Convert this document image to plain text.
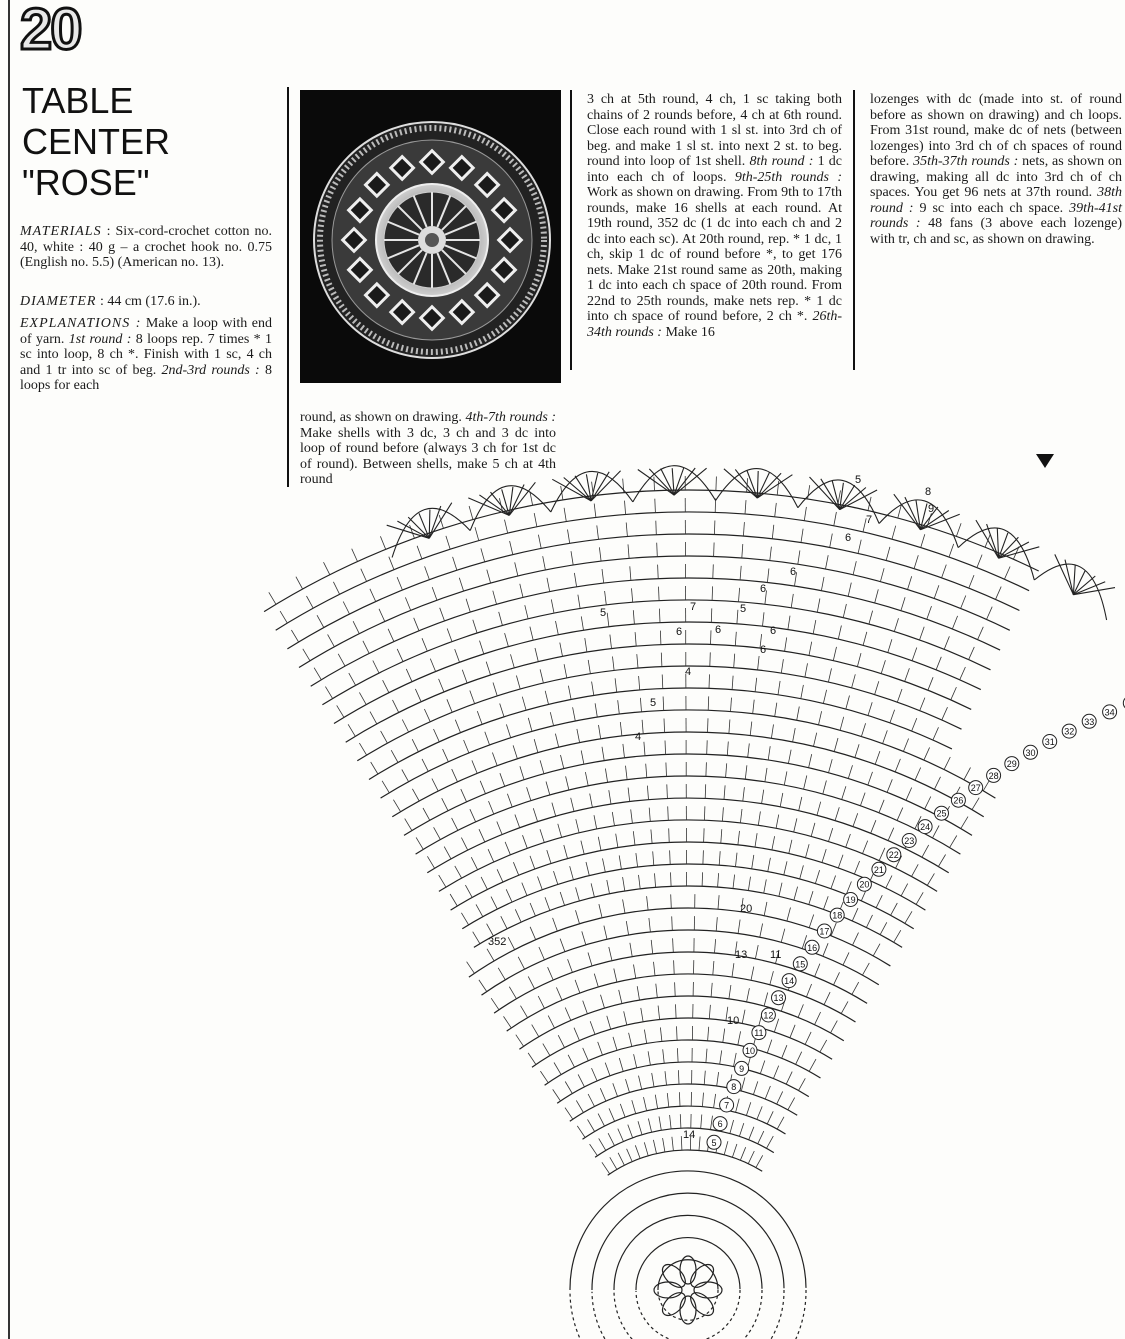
20
TABLE
CENTER
"ROSE"

MATERIALS : Six-cord-crochet cotton no. 40, white : 40 g – a crochet hook no. 0.75 (English no. 5.5) (American no. 13).

DIAMETER : 44 cm (17.6 in.).

EXPLANATIONS : Make a loop with end of yarn. 1st round : 8 loops rep. 7 times * 1 sc into loop, 8 ch *. Finish with 1 sc, 4 ch and 1 tr into sc of beg. 2nd-3rd rounds : 8 loops for each

round, as shown on drawing. 4th-7th rounds : Make shells with 3 dc, 3 ch and 3 dc into loop of round before (always 3 ch for 1st dc of round). Between shells, make 5 ch at 4th round

3 ch at 5th round, 4 ch, 1 sc taking both chains of 2 rounds before, 4 ch at 6th round. Close each round with 1 sl st. into 3rd ch of beg. and make 1 sl st. into next 2 st. to beg. round into loop of 1st shell. 8th round : 1 dc into each ch of loops. 9th-25th rounds : Work as shown on drawing. From 9th to 17th rounds, make 16 shells at each round. At 19th round, 352 dc (1 dc into each ch and 2 dc into each sc). At 20th round, rep. * 1 dc, 1 ch, skip 1 dc of round before *, to get 176 nets. Make 21st round same as 20th, making 1 dc into each ch space of 20th round. From 22nd to 25th rounds, make nets rep. * 1 dc into ch space of round before, 2 ch *. 26th-34th rounds : Make 16

lozenges with dc (made into st. of round before as shown on drawing) and ch loops. From 31st round, make dc of nets (between lozenges) into 3rd ch of ch spaces of round before. 35th-37th rounds : nets, as shown on drawing, making all dc into 3rd ch of ch spaces. You get 96 nets at 37th round. 38th round : 9 sc into each ch space. 39th-41st rounds : 48 fans (3 above each lozenge) with tr, ch and sc, as shown on drawing.

5
6
7
8
9
10
11
12
13
14
15
16
17
18
19
20
21
22
23
24
25
26
27
28
29
30
31
32
33
34
5
9
8
7
6
6
6
5
6
4
6
6
7
6
5
5
4
20
352
13 11
10
14
